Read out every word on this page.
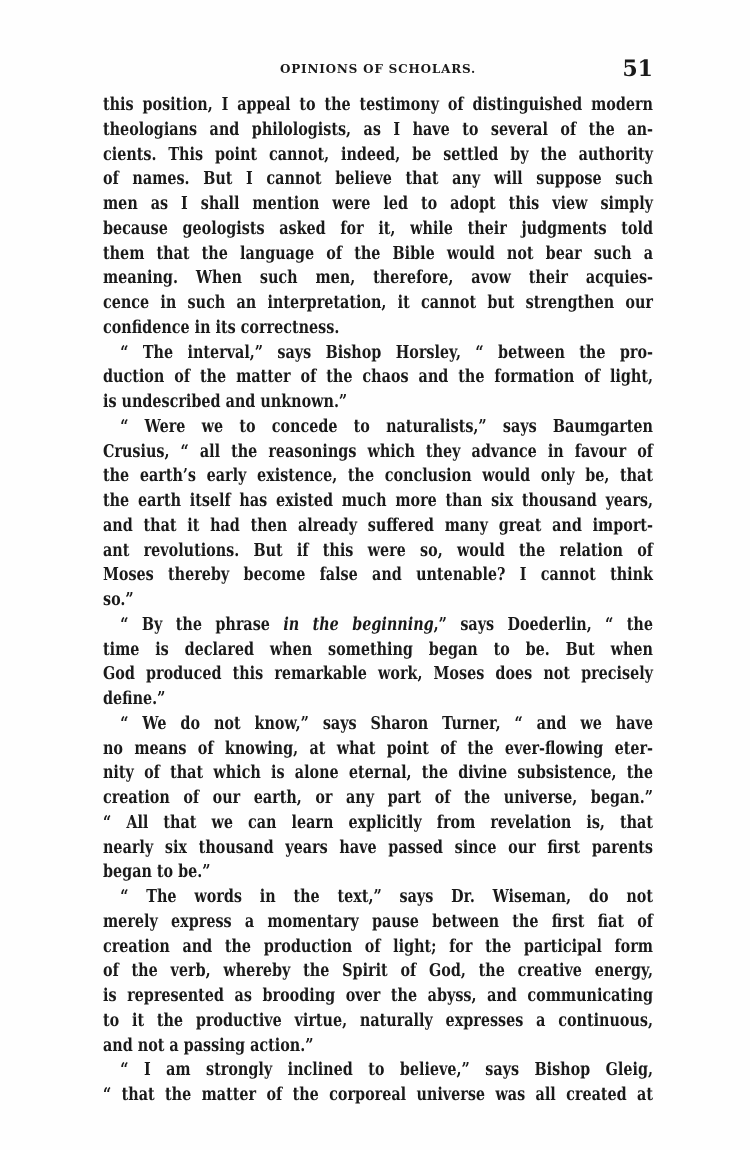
OPINIONS OF SCHOLARS.	51
this position, I appeal to the testimony of distinguished modern
theologians and philologists, as I have to several of the an-
cients. This point cannot, indeed, be settled by the authority
of names. But I cannot believe that any will suppose such
men as I shall mention were led to adopt this view simply
because geologists asked for it, while their judgments told
them that the language of the Bible would not bear such a
meaning. When such men, therefore, avow their acquies-
cence in such an interpretation, it cannot but strengthen our
confidence in its correctness.
“ The interval,” says Bishop Horsley, “ between the pro-
duction of the matter of the chaos and the formation of light,
is undescribed and unknown.”
“ Were we to concede to naturalists,” says Baumgarten
Crusius, “ all the reasonings which they advance in favour of
the earth’s early existence, the conclusion would only be, that
the earth itself has existed much more than six thousand years,
and that it had then already suffered many great and import-
ant revolutions. But if this were so, would the relation of
Moses thereby become false and untenable? I cannot think
so.”
“ By the phrase in the beginning,” says Doederlin, “ the
time is declared when something began to be. But when
God produced this remarkable work, Moses does not precisely
define.”
“ We do not know,” says Sharon Turner, “ and we have
no means of knowing, at what point of the ever-flowing eter-
nity of that which is alone eternal, the divine subsistence, the
creation of our earth, or any part of the universe, began.”
“ All that we can learn explicitly from revelation is, that
nearly six thousand years have passed since our first parents
began to be.”
“ The words in the text,” says Dr. Wiseman, do not
merely express a momentary pause between the first fiat of
creation and the production of light; for the participal form
of the verb, whereby the Spirit of God, the creative energy,
is represented as brooding over the abyss, and communicating
to it the productive virtue, naturally expresses a continuous,
and not a passing action.”
“ I am strongly inclined to believe,” says Bishop Gleig,
“ that the matter of the corporeal universe was all created at
